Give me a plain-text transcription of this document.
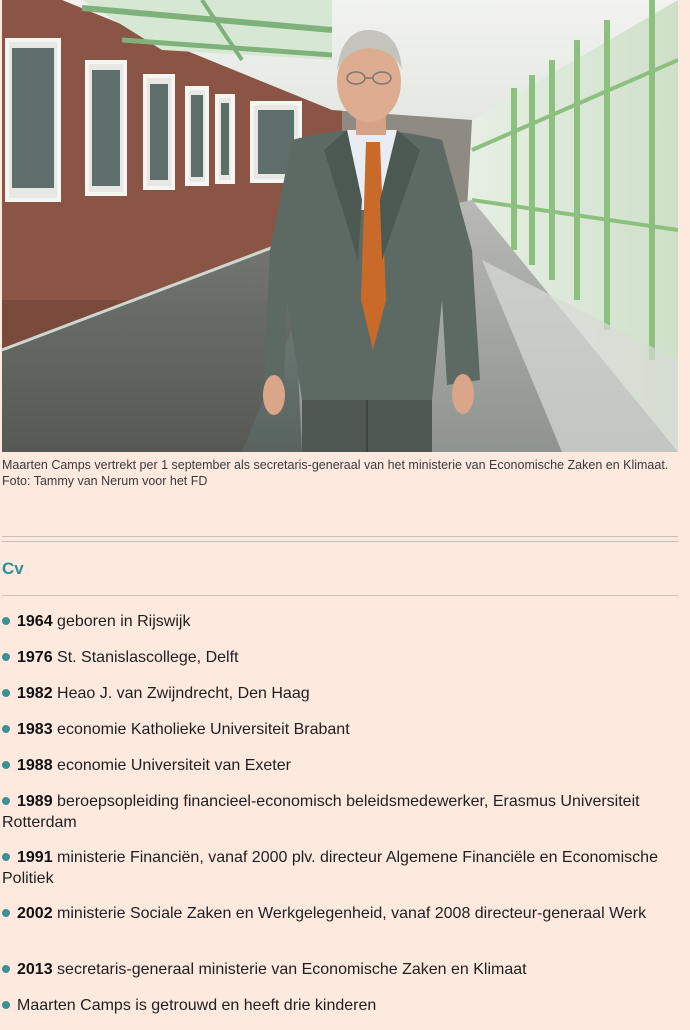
Maarten Camps vertrekt per 1 september als secretaris-generaal van het ministerie van Economische Zaken en Klimaat. Foto: Tammy van Nerum voor het FD
Cv
1964 geboren in Rijswijk
1976 St. Stanislascollege, Delft
1982 Heao J. van Zwijndrecht, Den Haag
1983 economie Katholieke Universiteit Brabant
1988 economie Universiteit van Exeter
1989 beroepsopleiding financieel-economisch beleidsmedewerker, Erasmus Universiteit Rotterdam
1991 ministerie Financiën, vanaf 2000 plv. directeur Algemene Financiële en Economische Politiek
2002 ministerie Sociale Zaken en Werkgelegenheid, vanaf 2008 directeur-generaal Werk
2013 secretaris-generaal ministerie van Economische Zaken en Klimaat
Maarten Camps is getrouwd en heeft drie kinderen
